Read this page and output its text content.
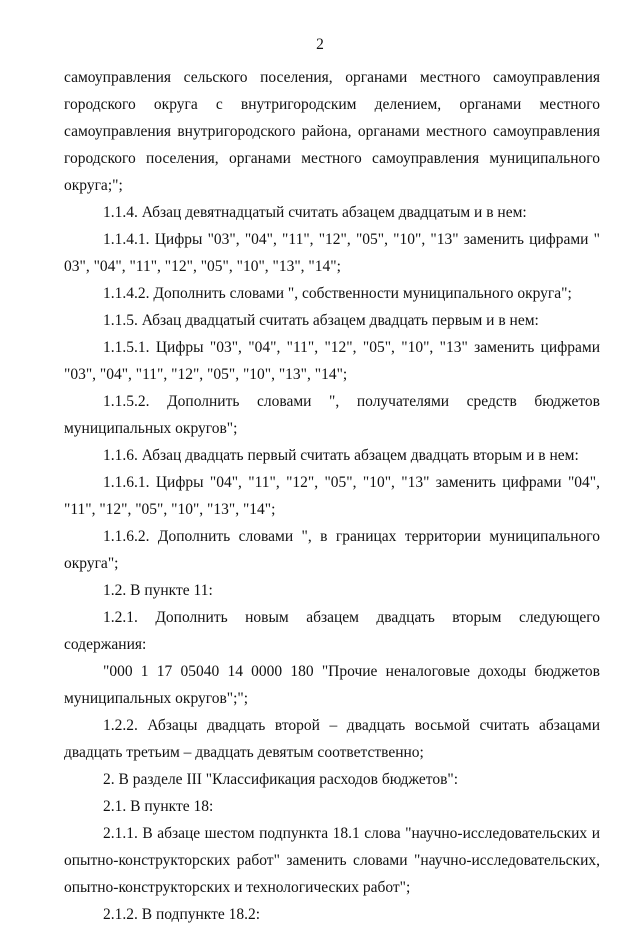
2

самоуправления сельского поселения, органами местного самоуправления городского округа с внутригородским делением, органами местного самоуправления внутригородского района, органами местного самоуправления городского поселения, органами местного самоуправления муниципального округа;";

1.1.4. Абзац девятнадцатый считать абзацем двадцатым и в нем:

1.1.4.1. Цифры "03", "04", "11", "12", "05", "10", "13" заменить цифрами " 03", "04", "11", "12", "05", "10", "13", "14";

1.1.4.2. Дополнить словами ", собственности муниципального округа";

1.1.5. Абзац двадцатый считать абзацем двадцать первым и в нем:

1.1.5.1. Цифры "03", "04", "11", "12", "05", "10", "13" заменить цифрами "03", "04", "11", "12", "05", "10", "13", "14";

1.1.5.2. Дополнить словами ", получателями средств бюджетов муниципальных округов";

1.1.6. Абзац двадцать первый считать абзацем двадцать вторым и в нем:

1.1.6.1. Цифры "04", "11", "12", "05", "10", "13" заменить цифрами "04", "11", "12", "05", "10", "13", "14";

1.1.6.2. Дополнить словами ", в границах территории муниципального округа";

1.2. В пункте 11:

1.2.1. Дополнить новым абзацем двадцать вторым следующего содержания:

"000 1 17 05040 14 0000 180 "Прочие неналоговые доходы бюджетов муниципальных округов";";

1.2.2. Абзацы двадцать второй – двадцать восьмой считать абзацами двадцать третьим – двадцать девятым соответственно;

2. В разделе III "Классификация расходов бюджетов":

2.1. В пункте 18:

2.1.1. В абзаце шестом подпункта 18.1 слова "научно-исследовательских и опытно-конструкторских работ" заменить словами "научно-исследовательских, опытно-конструкторских и технологических работ";

2.1.2. В подпункте 18.2:
